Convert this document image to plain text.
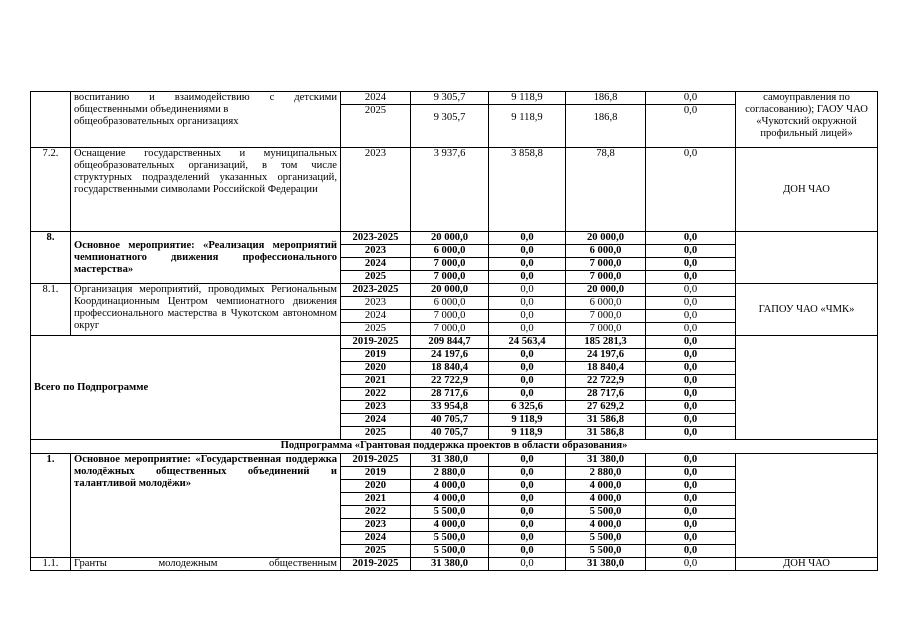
	воспитанию и взаимодействию с детскими
общественными объединениями в
общеобразовательных организациях	2024	9 305,7	9 118,9	186,8	0,0	самоуправления по
согласованию); ГАОУ ЧАО
«Чукотский окружной
профильный лицей»

		2025	9 305,7	9 118,9	186,8	0,0	
7.2.	Оснащение государственных и муниципальных общеобразовательных организаций, в том числе структурных подразделений указанных организаций, государственными символами Российской Федерации	2023	3 937,6	3 858,8	78,8	0,0	ДОН ЧАО
8.	Основное мероприятие: «Реализация мероприятий чемпионатного движения профессионального мастерства»	2023-2025	20 000,0	0,0	20 000,0	0,0	
		2023	6 000,0	0,0	6 000,0	0,0	
		2024	7 000,0	0,0	7 000,0	0,0	
		2025	7 000,0	0,0	7 000,0	0,0	
8.1.	Организация мероприятий, проводимых Региональным Координационным Центром чемпионатного движения профессионального мастерства в Чукотском автономном округ	2023-2025	20 000,0	0,0	20 000,0	0,0	ГАПОУ ЧАО «ЧМК»
		2023	6 000,0	0,0	6 000,0	0,0	
		2024	7 000,0	0,0	7 000,0	0,0	
		2025	7 000,0	0,0	7 000,0	0,0	
Всего по Подпрограмме		2019-2025	209 844,7	24 563,4	185 281,3	0,0	
		2019	24 197,6	0,0	24 197,6	0,0	
		2020	18 840,4	0,0	18 840,4	0,0	
		2021	22 722,9	0,0	22 722,9	0,0	
		2022	28 717,6	0,0	28 717,6	0,0	
		2023	33 954,8	6 325,6	27 629,2	0,0	
		2024	40 705,7	9 118,9	31 586,8	0,0	
		2025	40 705,7	9 118,9	31 586,8	0,0	
Подпрограмма «Грантовая поддержка проектов в области образования»							
1.	Основное мероприятие: «Государственная поддержка молодёжных общественных объединений и талантливой молодёжи»	2019-2025	31 380,0	0,0	31 380,0	0,0	
		2019	2 880,0	0,0	2 880,0	0,0	
		2020	4 000,0	0,0	4 000,0	0,0	
		2021	4 000,0	0,0	4 000,0	0,0	
		2022	5 500,0	0,0	5 500,0	0,0	
		2023	4 000,0	0,0	4 000,0	0,0	
		2024	5 500,0	0,0	5 500,0	0,0	
		2025	5 500,0	0,0	5 500,0	0,0	
1.1.	Гранты молодежным общественным	2019-2025	31 380,0	0,0	31 380,0	0,0	ДОН ЧАО
